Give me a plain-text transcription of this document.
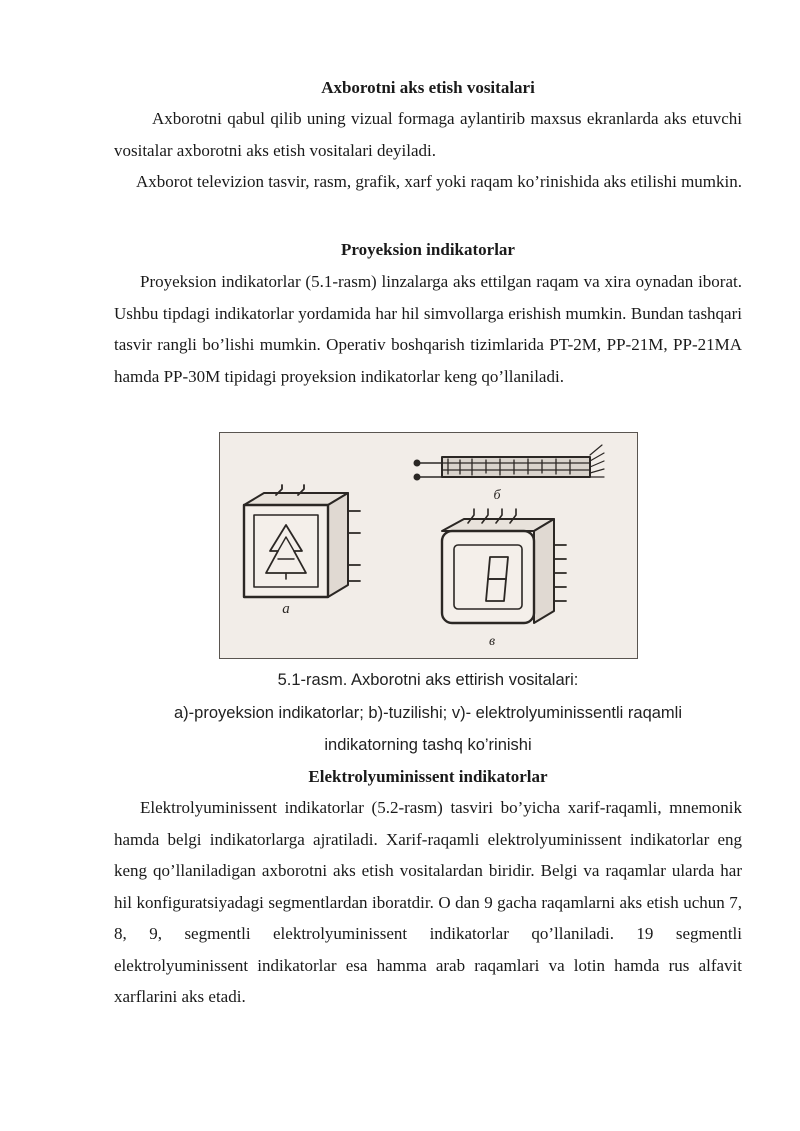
Axborotni aks etish vositalari

Axborotni qabul qilib uning vizual formaga aylantirib maxsus ekranlarda aks etuvchi vositalar axborotni aks etish vositalari deyiladi.

Axborot televizion tasvir, rasm, grafik, xarf yoki raqam ko’rinishida aks etilishi mumkin.

Proyeksion indikatorlar

Proyeksion indikatorlar (5.1-rasm) linzalarga aks ettilgan raqam va xira oynadan iborat. Ushbu tipdagi indikatorlar yordamida har hil simvollarga erishish mumkin. Bundan tashqari tasvir rangli bo’lishi mumkin. Operativ boshqarish tizimlarida PT-2M, PP-21M, PP-21MA hamda PP-30M tipidagi proyeksion indikatorlar keng qo’llaniladi.

a
б
в

5.1-rasm. Axborotni aks ettirish vositalari:

a)-proyeksion indikatorlar; b)-tuzilishi; v)- elektrolyuminissentli raqamli

indikatorning tashq ko’rinishi

Elektrolyuminissent indikatorlar

Elektrolyuminissent indikatorlar (5.2-rasm) tasviri bo’yicha xarif-raqamli, mnemonik hamda belgi indikatorlarga ajratiladi. Xarif-raqamli elektrolyuminissent indikatorlar eng keng qo’llaniladigan axborotni aks etish vositalardan biridir. Belgi va raqamlar ularda har hil konfiguratsiyadagi segmentlardan iboratdir. O dan 9 gacha raqamlarni aks etish uchun 7, 8, 9, segmentli elektrolyuminissent indikatorlar qo’llaniladi. 19 segmentli elektrolyuminissent indikatorlar esa hamma arab raqamlari va lotin hamda rus alfavit xarflarini aks etadi.
